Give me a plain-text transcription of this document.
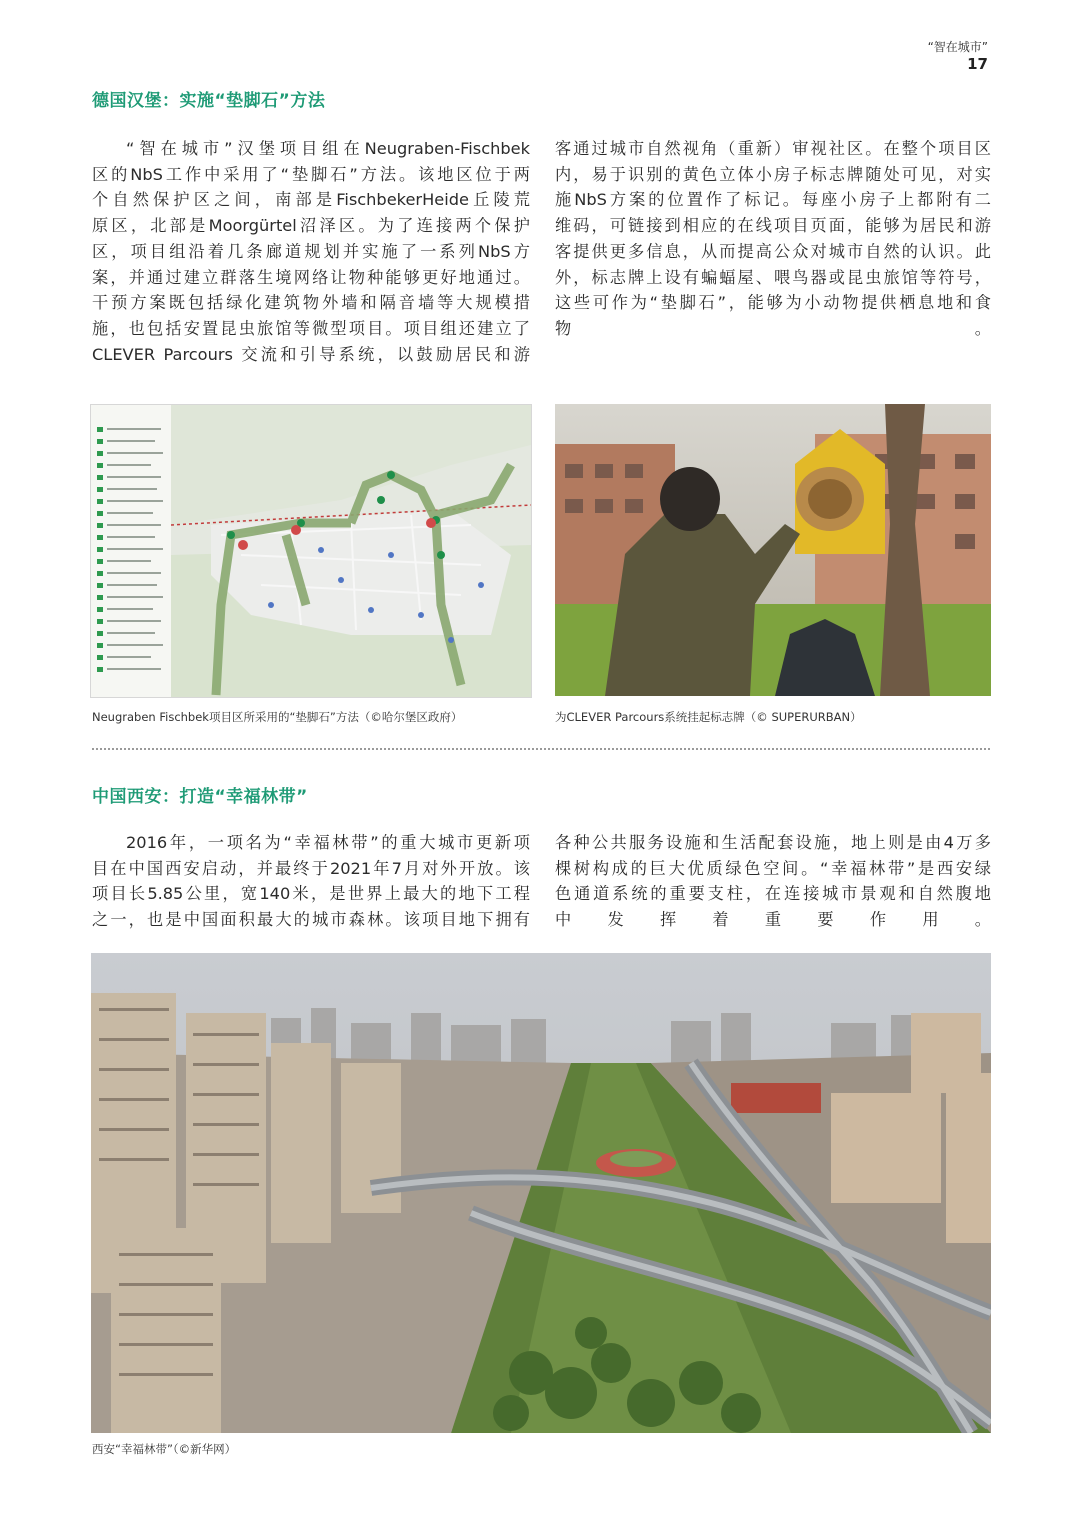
“智在城市”
17
德国汉堡：实施“垫脚石”方法

“智在城市”汉堡项目组在Neugraben-Fischbek

区的NbS工作中采用了“垫脚石”方法。该地区位于两

个自然保护区之间，南部是FischbekerHeide丘陵荒

原区，北部是Moorgürtel沼泽区。为了连接两个保护

区，项目组沿着几条廊道规划并实施了一系列NbS方

案，并通过建立群落生境网络让物种能够更好地通过。

干预方案既包括绿化建筑物外墙和隔音墙等大规模措

施，也包括安置昆虫旅馆等微型项目。项目组还建立了

CLEVER Parcours 交流和引导系统，以鼓励居民和游

客通过城市自然视角（重新）审视社区。在整个项目区

内，易于识别的黄色立体小房子标志牌随处可见，对实

施NbS方案的位置作了标记。每座小房子上都附有二

维码，可链接到相应的在线项目页面，能够为居民和游

客提供更多信息，从而提高公众对城市自然的认识。此

外，标志牌上设有蝙蝠屋、喂鸟器或昆虫旅馆等符号，

这些可作为“垫脚石”，能够为小动物提供栖息地和食

物。

Neugraben Fischbek项目区所采用的“垫脚石”方法（©哈尔堡区政府）	为CLEVER Parcours系统挂起标志牌（© SUPERURBAN）
中国西安：打造“幸福林带”

2016年，一项名为“幸福林带”的重大城市更新项

目在中国西安启动，并最终于2021年7月对外开放。该

项目长5.85公里，宽140米，是世界上最大的地下工程

之一，也是中国面积最大的城市森林。该项目地下拥有

各种公共服务设施和生活配套设施，地上则是由4万多

棵树构成的巨大优质绿色空间。“幸福林带”是西安绿

色通道系统的重要支柱，在连接城市景观和自然腹地

中发挥着重要作用。

西安“幸福林带”（©新华网）
